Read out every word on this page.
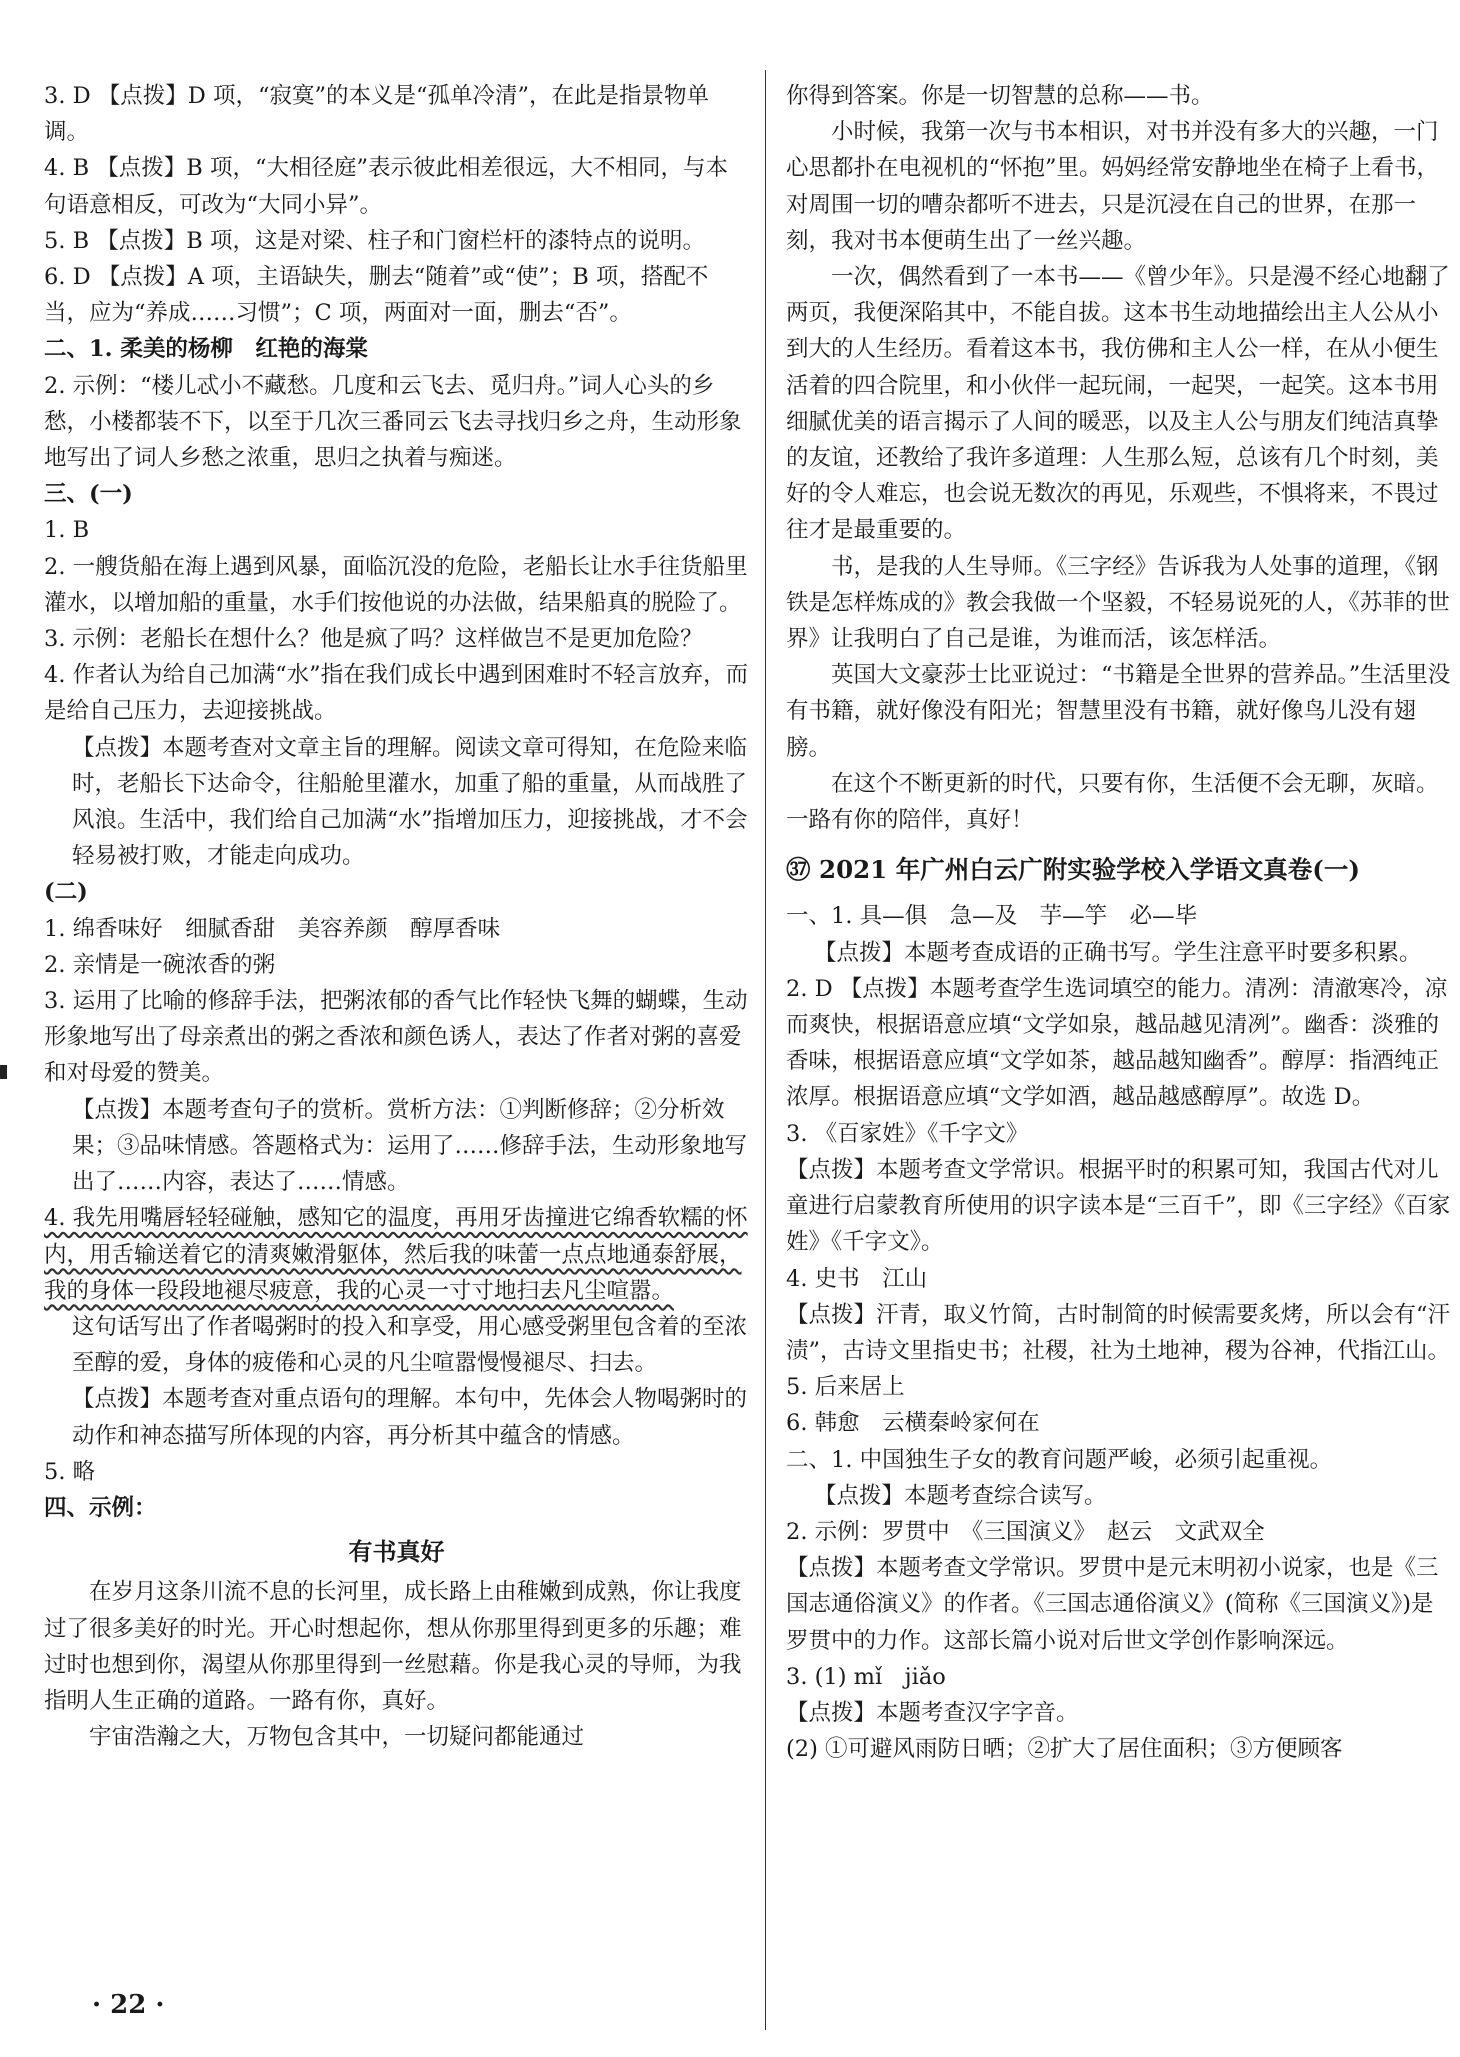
3. D 【点拨】D 项，“寂寞”的本义是“孤单冷清”，在此是指景物单调。
4. B 【点拨】B 项，“大相径庭”表示彼此相差很远，大不相同，与本句语意相反，可改为“大同小异”。
5. B 【点拨】B 项，这是对梁、柱子和门窗栏杆的漆特点的说明。
6. D 【点拨】A 项，主语缺失，删去“随着”或“使”；B 项，搭配不当，应为“养成……习惯”；C 项，两面对一面，删去“否”。
二、1. 柔美的杨柳　红艳的海棠
2. 示例：“楼儿忒小不藏愁。几度和云飞去、觅归舟。”词人心头的乡愁，小楼都装不下，以至于几次三番同云飞去寻找归乡之舟，生动形象地写出了词人乡愁之浓重，思归之执着与痴迷。
三、(一)
1. B
2. 一艘货船在海上遇到风暴，面临沉没的危险，老船长让水手往货船里灌水，以增加船的重量，水手们按他说的办法做，结果船真的脱险了。
3. 示例：老船长在想什么？他是疯了吗？这样做岂不是更加危险？
4. 作者认为给自己加满“水”指在我们成长中遇到困难时不轻言放弃，而是给自己压力，去迎接挑战。
【点拨】本题考查对文章主旨的理解。阅读文章可得知，在危险来临时，老船长下达命令，往船舱里灌水，加重了船的重量，从而战胜了风浪。生活中，我们给自己加满“水”指增加压力，迎接挑战，才不会轻易被打败，才能走向成功。
(二)
1. 绵香味好　细腻香甜　美容养颜　醇厚香味
2. 亲情是一碗浓香的粥
3. 运用了比喻的修辞手法，把粥浓郁的香气比作轻快飞舞的蝴蝶，生动形象地写出了母亲煮出的粥之香浓和颜色诱人，表达了作者对粥的喜爱和对母爱的赞美。
【点拨】本题考查句子的赏析。赏析方法：①判断修辞；②分析效果；③品味情感。答题格式为：运用了……修辞手法，生动形象地写出了……内容，表达了……情感。
4. 我先用嘴唇轻轻碰触，感知它的温度，再用牙齿撞进它绵香软糯的怀内，用舌输送着它的清爽嫩滑躯体，然后我的味蕾一点点地通泰舒展，我的身体一段段地褪尽疲意，我的心灵一寸寸地扫去凡尘喧嚣。
这句话写出了作者喝粥时的投入和享受，用心感受粥里包含着的至浓至醇的爱，身体的疲倦和心灵的凡尘喧嚣慢慢褪尽、扫去。
【点拨】本题考查对重点语句的理解。本句中，先体会人物喝粥时的动作和神态描写所体现的内容，再分析其中蕴含的情感。
5. 略
四、示例：
有书真好
在岁月这条川流不息的长河里，成长路上由稚嫩到成熟，你让我度过了很多美好的时光。开心时想起你，想从你那里得到更多的乐趣；难过时也想到你，渴望从你那里得到一丝慰藉。你是我心灵的导师，为我指明人生正确的道路。一路有你，真好。
宇宙浩瀚之大，万物包含其中，一切疑问都能通过
你得到答案。你是一切智慧的总称——书。
小时候，我第一次与书本相识，对书并没有多大的兴趣，一门心思都扑在电视机的“怀抱”里。妈妈经常安静地坐在椅子上看书，对周围一切的嘈杂都听不进去，只是沉浸在自己的世界，在那一刻，我对书本便萌生出了一丝兴趣。
一次，偶然看到了一本书——《曾少年》。只是漫不经心地翻了两页，我便深陷其中，不能自拔。这本书生动地描绘出主人公从小到大的人生经历。看着这本书，我仿佛和主人公一样，在从小便生活着的四合院里，和小伙伴一起玩闹，一起哭，一起笑。这本书用细腻优美的语言揭示了人间的暖恶，以及主人公与朋友们纯洁真挚的友谊，还教给了我许多道理：人生那么短，总该有几个时刻，美好的令人难忘，也会说无数次的再见，乐观些，不惧将来，不畏过往才是最重要的。
书，是我的人生导师。《三字经》告诉我为人处事的道理，《钢铁是怎样炼成的》教会我做一个坚毅，不轻易说死的人，《苏菲的世界》让我明白了自己是谁，为谁而活，该怎样活。
英国大文豪莎士比亚说过：“书籍是全世界的营养品。”生活里没有书籍，就好像没有阳光；智慧里没有书籍，就好像鸟儿没有翅膀。
在这个不断更新的时代，只要有你，生活便不会无聊，灰暗。一路有你的陪伴，真好！
㊲ 2021 年广州白云广附实验学校入学语文真卷(一)
一、1. 具—俱　急—及　芋—竽　必—毕
【点拨】本题考查成语的正确书写。学生注意平时要多积累。
2. D 【点拨】本题考查学生选词填空的能力。清冽：清澈寒冷，凉而爽快，根据语意应填“文学如泉，越品越见清冽”。幽香：淡雅的香味，根据语意应填“文学如茶，越品越知幽香”。醇厚：指酒纯正浓厚。根据语意应填“文学如酒，越品越感醇厚”。故选 D。
3. 《百家姓》《千字文》
【点拨】本题考查文学常识。根据平时的积累可知，我国古代对儿童进行启蒙教育所使用的识字读本是“三百千”，即《三字经》《百家姓》《千字文》。
4. 史书　江山
【点拨】汗青，取义竹简，古时制简的时候需要炙烤，所以会有“汗渍”，古诗文里指史书；社稷，社为土地神，稷为谷神，代指江山。
5. 后来居上
6. 韩愈　云横秦岭家何在
二、1. 中国独生子女的教育问题严峻，必须引起重视。
【点拨】本题考查综合读写。
2. 示例：罗贯中　《三国演义》　赵云　文武双全
【点拨】本题考查文学常识。罗贯中是元末明初小说家，也是《三国志通俗演义》的作者。《三国志通俗演义》(简称《三国演义》)是罗贯中的力作。这部长篇小说对后世文学创作影响深远。
3. (1) mǐ　jiǎo
【点拨】本题考查汉字字音。
(2) ①可避风雨防日晒；②扩大了居住面积；③方便顾客
· 22 ·
